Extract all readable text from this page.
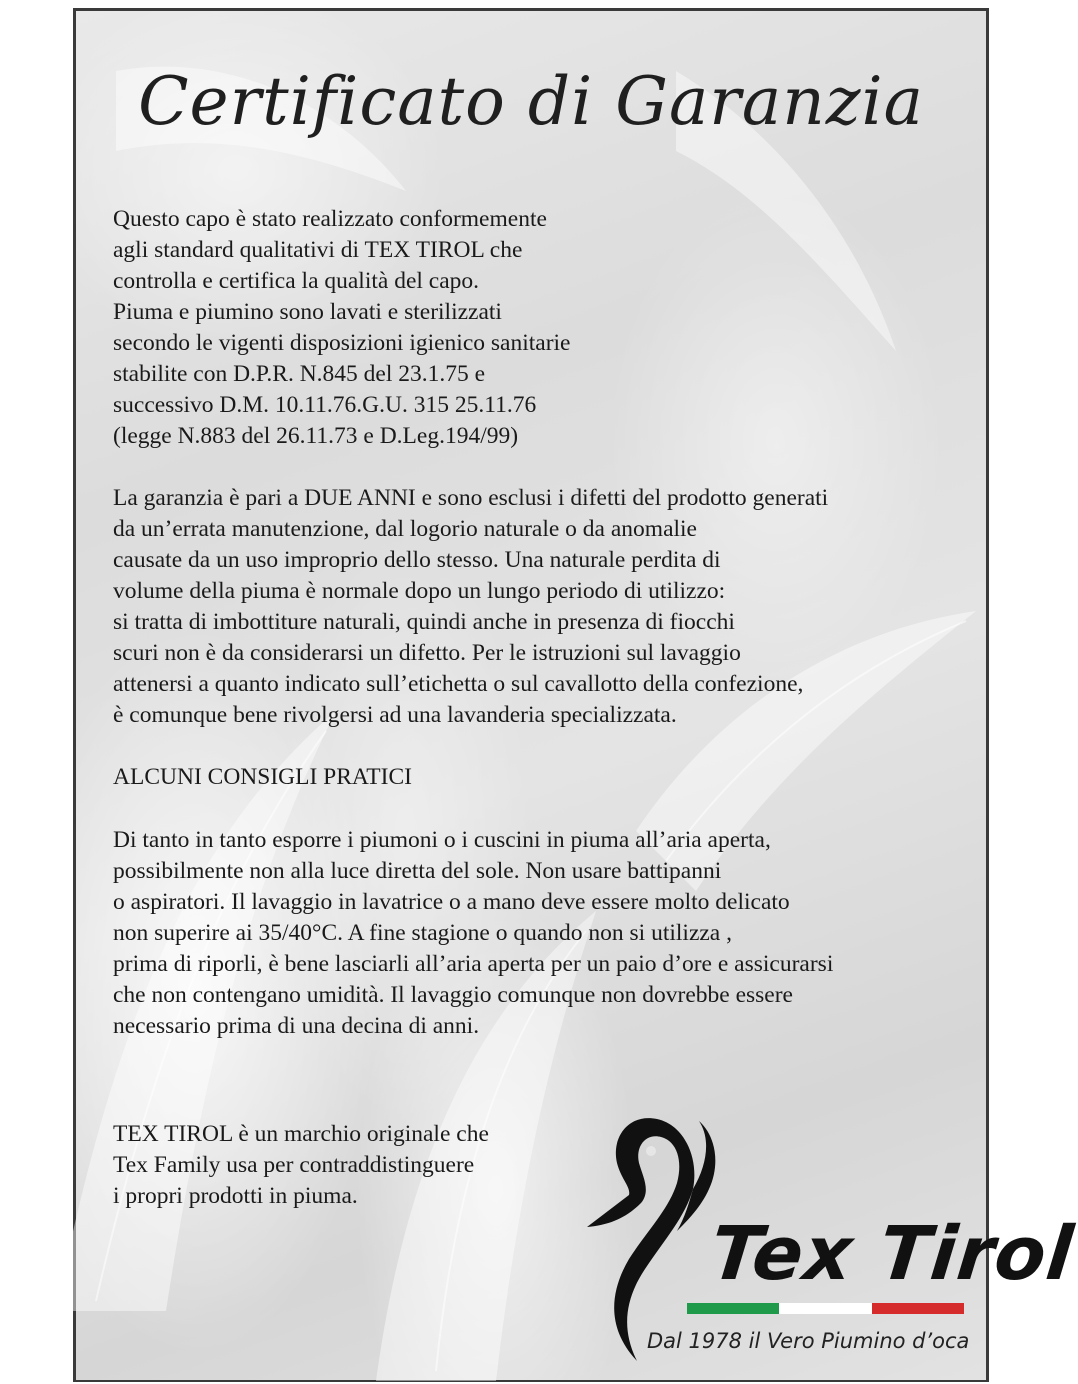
Certificato di Garanzia

Questo capo è stato realizzato conformemente
agli standard qualitativi di TEX TIROL che
controlla e certifica la qualità del capo.
Piuma e piumino sono lavati e sterilizzati
secondo le vigenti disposizioni igienico sanitarie
stabilite con D.P.R. N.845 del 23.1.75 e
successivo D.M. 10.11.76.G.U. 315 25.11.76
(legge N.883 del 26.11.73 e D.Leg.194/99)

La garanzia è pari a DUE ANNI e sono esclusi i difetti del prodotto generati
da un’errata manutenzione, dal logorio naturale o da anomalie
causate da un uso improprio dello stesso. Una naturale perdita di
volume della piuma è normale dopo un lungo periodo di utilizzo:
si tratta di imbottiture naturali, quindi anche in presenza di fiocchi
scuri non è da considerarsi un difetto. Per le istruzioni sul lavaggio
attenersi a quanto indicato sull’etichetta o sul cavallotto della confezione,
è comunque bene rivolgersi ad una lavanderia specializzata.

ALCUNI CONSIGLI PRATICI

Di tanto in tanto esporre i piumoni o i cuscini in piuma all’aria aperta,
possibilmente non alla luce diretta del sole. Non usare battipanni
o aspiratori. Il lavaggio in lavatrice o a mano deve essere molto delicato
non superire ai 35/40°C. A fine stagione o quando non si utilizza ,
prima di riporli, è bene lasciarli all’aria aperta per un paio d’ore e assicurarsi
che non contengano umidità. Il lavaggio comunque non dovrebbe essere
necessario prima di una decina di anni.

TEX TIROL è un marchio originale che
Tex Family usa per contraddistinguere
i propri prodotti in piuma.

Tex Tirol
Dal 1978 il Vero Piumino d’oca
